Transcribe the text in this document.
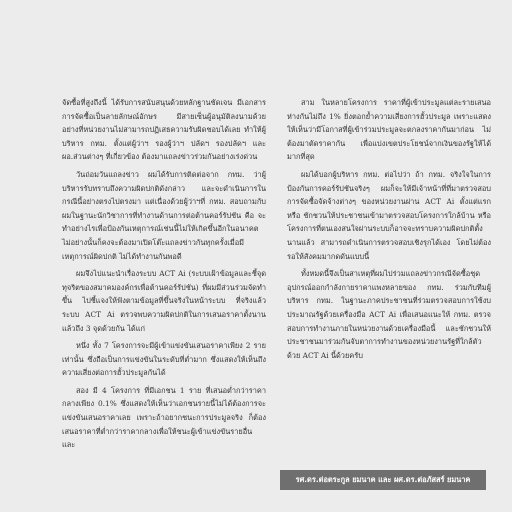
จัดซื้อที่สูงถึงนี้ ได้รับการสนับสนุนด้วยหลักฐานชัดเจน มีเอกสารการจัดซื้อเป็นลายลักษณ์อักษร มีสายเซ็นผู้อนุมัติลงนามด้วย อย่างที่หน่วยงานไม่สามารถปฏิเสธความรับผิดชอบได้เลย ทำให้ผู้บริหาร กทม. ตั้งแต่ผู้ว่าฯ รองผู้ว่าฯ ปลัดฯ รองปลัดฯ และ ผอ.ส่วนต่างๆ ที่เกี่ยวข้อง ต้องมาแถลงข่าวร่วมกันอย่างเร่งด่วน

วันถ่อมวันแถลงข่าว ผมได้รับการติดต่อจาก กทม. ว่าผู้บริหารรับทราบถึงความผิดปกติดังกล่าว และจะดำเนินการในกรณีนี้อย่างตรงไปตรงมา แต่เนื่องด้วยผู้ว่าฯที่ กทม. สอบถามกับผมในฐานะนักวิชาการที่ทำงานด้านการต่อต้านคอร์รัปชัน คือ จะทำอย่างไรเพื่อป้องกันเหตุการณ์เช่นนี้ไม่ให้เกิดขึ้นอีกในอนาคต ไม่อย่างนั้นก็คงจะต้องมาเปิดโต๊ะแถลงข่าวกันทุกครั้งเมื่อมีเหตุการณ์ผิดปกติ ไม่ได้ทำงานกันพอดี

ผมจึงไปแนะนำเรื่องระบบ ACT Ai (ระบบเฝ้าข้อมูลและชี้จุดทุจริตของสมาคมองค์กรเพื่อต้านคอร์รัปชัน) ที่ผมมีส่วนร่วมจัดทำขึ้น ไปชี้แจงให้ฟังตามข้อมูลที่ขึ้นจริงในหน้าระบบ ที่จริงแล้วระบบ ACT Ai ตรวจพบความผิดปกติในการเสนอราคาตั้งนานแล้วถึง 3 จุดด้วยกัน ได้แก่

หนึ่ง ทั้ง 7 โครงการจะมีผู้เข้าแข่งขันเสนอราคาเพียง 2 รายเท่านั้น ซึ่งถือเป็นการแข่งขันในระดับที่ต่ำมาก ซึ่งแสดงให้เห็นถึงความเสี่ยงต่อการฮั้วประมูลกันได้

สอง มี 4 โครงการ ที่มีเอกชน 1 ราย ที่เสนอต่ำกว่าราคากลางเพียง 0.1% ซึ่งแสดงให้เห็นว่าเอกชนรายนี้ไม่ได้ต้องการจะแข่งขันเสนอราคาเลย เพราะถ้าอยากชนะการประมูลจริง ก็ต้องเสนอราคาที่ต่ำกว่าราคากลางเพื่อให้ชนะผู้เข้าแข่งขันรายอื่น และ

สาม ในหลายโครงการ ราคาที่ผู้เข้าประมูลแต่ละรายเสนอห่างกันไม่ถึง 1% ยิ่งตอกย้ำความเสี่ยงการฮั้วประมูล เพราะแสดงให้เห็นว่ามีโอกาสที่ผู้เข้าร่วมประมูลจะตกลงราคากันมาก่อน ไม่ต้องมาตัดราคากัน เพื่อแบ่งเขตประโยชน์จากเงินของรัฐให้ได้มากที่สุด

ผมได้บอกผู้บริหาร กทม. ต่อไปว่า ถ้า กทม. จริงใจในการป้องกันการคอร์รัปชันจริงๆ ผมก็จะให้มีเจ้าหน้าที่ที่มาตรวจสอบการจัดซื้อจัดจ้างต่างๆ ของหน่วยงานผ่าน ACT Ai ตั้งแต่แรก หรือ ชักชวนให้ประชาชนเข้ามาตรวจสอบโครงการใกล้บ้าน หรือ โครงการที่ตนเองสนใจผ่านระบบก็อาจจะทราบความผิดปกติตั้งนานแล้ว สามารถดำเนินการตรวจสอบเชิงรุกได้เอง โดยไม่ต้องรอให้สังคมมากดดันแบบนี้

ทั้งหมดนี้จึงเป็นสาเหตุที่ผมไปร่วมแถลงข่าวกรณีจัดซื้อชุดอุปกรณ์ออกกำลังกายราคาแพงหลายของ กทม. ร่วมกับทีมผู้บริหาร กทม. ในฐานะภาคประชาชนที่ร่วมตรวจสอบการใช้งบประมาณรัฐด้วยเครื่องมือ ACT Ai เพื่อเสนอแนะให้ กทม. ตรวจสอบการทำงานภายในหน่วยงานด้วยเครื่องมือนี้ และชักชวนให้ประชาชนมาร่วมกันจับตาการทำงานของหน่วยงานรัฐที่ใกล้ตัวด้วย ACT Ai นี้ด้วยครับ

รศ.ดร.ต่อตระกูล ยมนาค และ ผศ.ดร.ต่อภัสสร์ ยมนาค
